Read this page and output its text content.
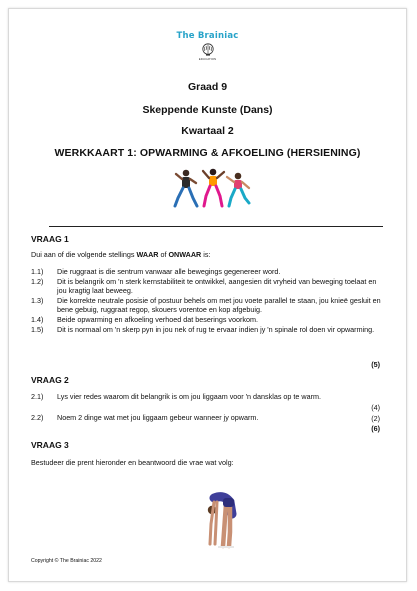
The Brainiac
EDUCATION
Graad 9
Skeppende Kunste (Dans)
Kwartaal 2
WERKKAART 1: OPWARMING & AFKOELING (HERSIENING)
VRAAG 1
Dui aan of die volgende stellings WAAR of ONWAAR is:
1.1) Die ruggraat is die sentrum vanwaar alle bewegings gegenereer word.
1.2) Dit is belangrik om 'n sterk kernstabiliteit te ontwikkel, aangesien dit vryheid van beweging toelaat en jou kragtig laat beweeg.
1.3) Die korrekte neutrale posisie of postuur behels om met jou voete parallel te staan, jou knieë gesluit en bene gebuig, ruggraat regop, skouers vorentoe en kop afgebuig.
1.4) Beide opwarming en afkoeling verhoed dat beserings voorkom.
1.5) Dit is normaal om 'n skerp pyn in jou nek of rug te ervaar indien jy 'n spinale rol doen vir opwarming.
(5)
VRAAG 2
2.1) Lys vier redes waarom dit belangrik is om jou liggaam voor 'n dansklas op te warm.
(4)
2.2) Noem 2 dinge wat met jou liggaam gebeur wanneer jy opwarm.	(2)
(6)
VRAAG 3
Bestudeer die prent hieronder en beantwoord die vrae wat volg:
Copyright © The Brainiac 2022
